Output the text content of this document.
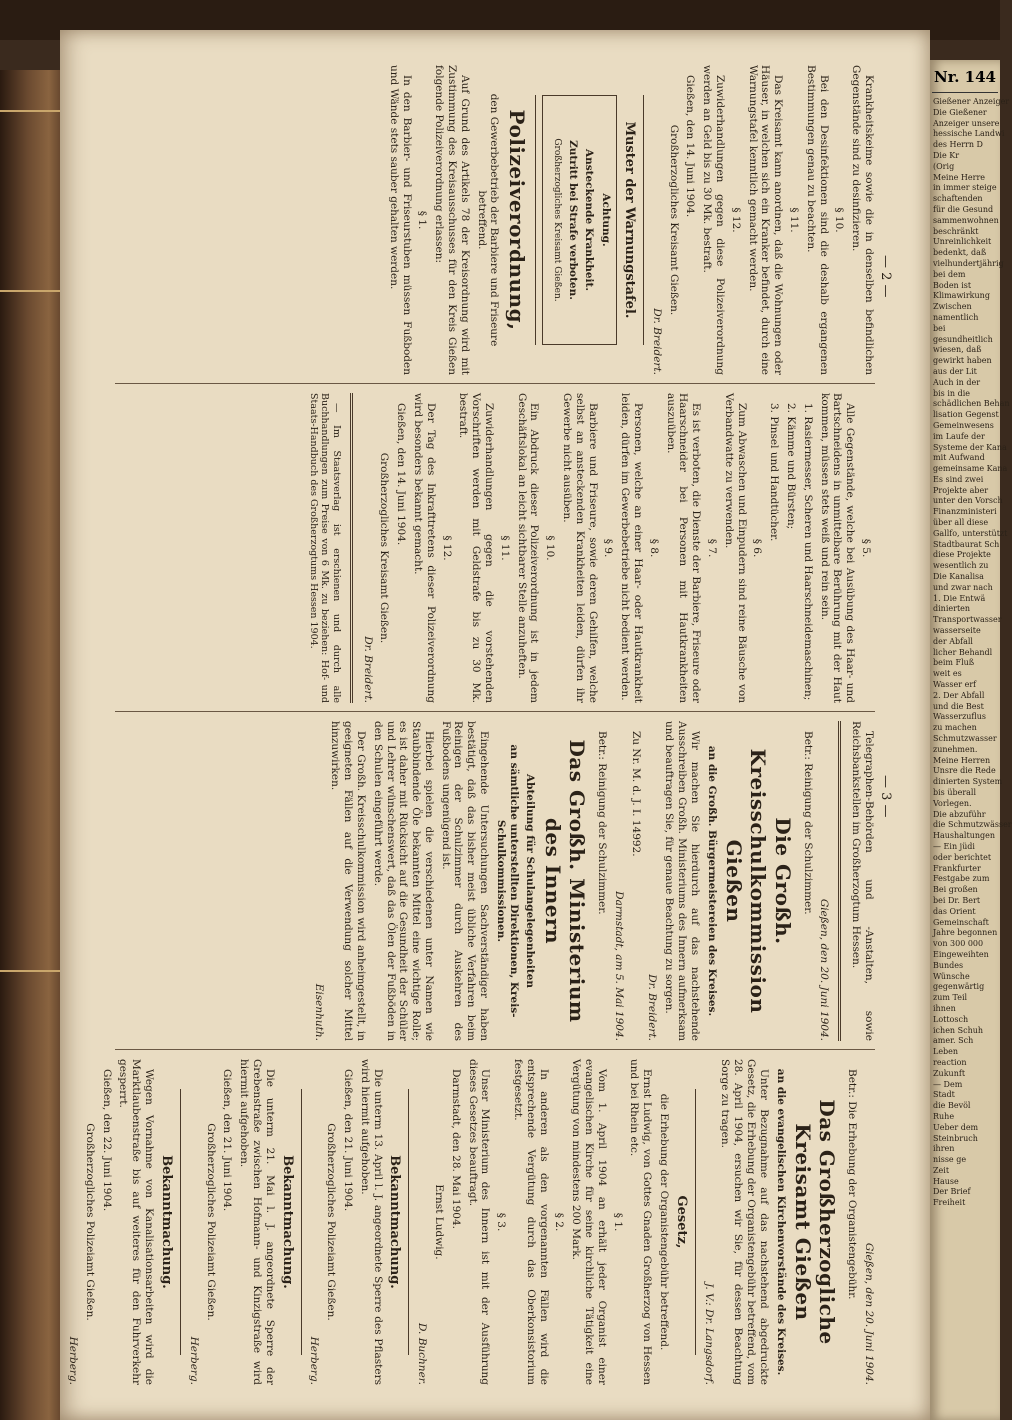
— 2 —
— 3 —

Krankheitskeime sowie die in denselben befindlichen Gegenstände sind zu desinfizieren.

§ 10.

Bei den Desinfektionen sind die deshalb ergangenen Bestimmungen genau zu beachten.

§ 11.

Das Kreisamt kann anordnen, daß die Wohnungen oder Häuser, in welchen sich ein Kranker befindet, durch eine Warnungstafel kenntlich gemacht werden.

§ 12.

Zuwiderhandlungen gegen diese Polizeiverordnung werden an Geld bis zu 30 Mk. bestraft.

Gießen, den 14. Juni 1904.

Großherzogliches Kreisamt Gießen.

Dr. Breidert.

Muster der Warnungstafel.

Achtung.

Ansteckende Krankheit.

Zutritt bei Strafe verboten.

Großherzogliches Kreisamt Gießen.

Polizeiverordnung,

den Gewerbebetrieb der Barbiere und Friseure betreffend.

Auf Grund des Artikels 78 der Kreisordnung wird mit Zustimmung des Kreisausschusses für den Kreis Gießen folgende Polizeiverordnung erlassen:

§ 1.

In den Barbier- und Friseurstuben müssen Fußboden und Wände stets sauber gehalten werden.

§ 5.

Alle Gegenstände, welche bei Ausübung des Haar- und Bartschneidens in unmittelbare Berührung mit der Haut kommen, müssen stets weiß und rein sein.

1. Rasiermesser, Scheren und Haarschneidemaschinen;

2. Kämme und Bürsten;

3. Pinsel und Handtücher.

§ 6.

Zum Abwaschen und Einpudern sind reine Bäusche von Verbandwatte zu verwenden.

§ 7.

Es ist verboten, die Dienste der Barbiere, Friseure oder Haarschneider bei Personen mit Hautkrankheiten auszuüben.

§ 8.

Personen, welche an einer Haar- oder Hautkrankheit leiden, dürfen im Gewerbebetriebe nicht bedient werden.

§ 9.

Barbiere und Friseure, sowie deren Gehilfen, welche selbst an ansteckenden Krankheiten leiden, dürfen ihr Gewerbe nicht ausüben.

§ 10.

Ein Abdruck dieser Polizeiverordnung ist in jedem Geschäftslokal an leicht sichtbarer Stelle anzuheften.

§ 11.

Zuwiderhandlungen gegen die vorstehenden Vorschriften werden mit Geldstrafe bis zu 30 Mk. bestraft.

§ 12.

Der Tag des Inkrafttretens dieser Polizeiverordnung wird besonders bekannt gemacht.

Gießen, den 14. Juni 1904.

Großherzogliches Kreisamt Gießen.

Dr. Breidert.

— Im Staatsverlag ist erschienen und durch alle Buchhandlungen zum Preise von 6 Mk. zu beziehen: Hof- und Staats-Handbuch des Großherzogtums Hessen 1904.

Telegraphen-Behörden und -Anstalten, sowie Reichsbankstellen im Großherzogtum Hessen.

Gießen, den 20. Juni 1904.

Betr.: Reinigung der Schulzimmer.

Die Großh. Kreisschulkommission Gießen

an die Großh. Bürgermeistereien des Kreises.

Wir machen Sie hierdurch auf das nachstehende Ausschreiben Großh. Ministeriums des Innern aufmerksam und beauftragen Sie, für genaue Beachtung zu sorgen.

Dr. Breidert.

Zu Nr. M. d. J. I. 14992.

Darmstadt, am 5. Mai 1904.

Betr.: Reinigung der Schulzimmer.

Das Großh. Ministerium des Innern

Abteilung für Schulangelegenheiten

an sämtliche unterstellten Direktionen, Kreis-Schulkommissionen.

Eingehende Untersuchungen Sachverständiger haben bestätigt, daß das bisher meist übliche Verfahren beim Reinigen der Schulzimmer durch Auskehren des Fußbodens ungenügend ist.

Hierbei spielen die verschiedenen unter Namen wie Staubbindende Öle bekannten Mittel eine wichtige Rolle; es ist daher mit Rücksicht auf die Gesundheit der Schüler und Lehrer wünschenswert, daß das Ölen der Fußböden in den Schulen eingeführt werde.

Der Großh. Kreisschulkommission wird anheimgestellt, in geeigneten Fällen auf die Verwendung solcher Mittel hinzuwirken.

Eisenhuth.

Gießen, den 20. Juni 1904.

Betr.: Die Erhebung der Organistengebühr.

Das Großherzogliche Kreisamt Gießen

an die evangelischen Kirchenvorstände des Kreises.

Unter Bezugnahme auf das nachstehend abgedruckte Gesetz, die Erhebung der Organistengebühr betreffend, vom 28. April 1904, ersuchen wir Sie, für dessen Beachtung Sorge zu tragen.

J. V.: Dr. Langsdorf.

Gesetz,

die Erhebung der Organistengebühr betreffend.

Ernst Ludwig, von Gottes Gnaden Großherzog von Hessen und bei Rhein etc.

§ 1.

Vom 1. April 1904 an erhält jeder Organist einer evangelischen Kirche für seine kirchliche Tätigkeit eine Vergütung von mindestens 200 Mark.

§ 2.

In anderen als den vorgenannten Fällen wird die entsprechende Vergütung durch das Oberkonsistorium festgesetzt.

§ 3.

Unser Ministerium des Innern ist mit der Ausführung dieses Gesetzes beauftragt.

Darmstadt, den 28. Mai 1904.

Ernst Ludwig.

D. Buchner.

Bekanntmachung.

Die unterm 13. April l. J. angeordnete Sperre des Pflasters wird hiermit aufgehoben.

Gießen, den 21. Juni 1904.

Großherzogliches Polizeiamt Gießen.

Herberg.

Bekanntmachung.

Die unterm 21. Mai l. J. angeordnete Sperre der Grebenstraße zwischen Hofmann- und Kinzigstraße wird hiermit aufgehoben.

Gießen, den 21. Juni 1904.

Großherzogliches Polizeiamt Gießen.

Herberg.

Bekanntmachung.

Wegen Vornahme von Kanalisationsarbeiten wird die Marktlaubenstraße bis auf weiteres für den Fuhrverkehr gesperrt.

Gießen, den 22. Juni 1904.

Großherzogliches Polizeiamt Gießen.

Herberg.

Nr. 144
Gießener Anzeiger
Die Gießener
Anzeiger unsere
hessische Landwi
des Herrn D
Die Kr
(Orig
Meine Herre
in immer steige
schaftenden
für die Gesund
sammenwohnen
beschränkt
Unreinlichkeit
bedenkt, daß
vielhundertjährig
bei dem
Boden ist
Klimawirkung
Zwischen
namentlich
bei
gesundheitlich
wiesen, daß
gewirkt haben
aus der Lit
Auch in der
bis in die
schädlichen Behan
lisation Gegenst
Gemeinwesens
im Laufe der
Systeme der Kana
mit Aufwand
gemeinsame Kana
Es sind zwei
Projekte aber
unter den Vorsch
Finanzministeri
über all diese
Gallfo, unterstützt
Stadtbaurat Sch
diese Projekte
wesentlich zu
Die Kanalisa
und zwar nach
1. Die Entwä
dinierten
Transportwasser
wasserseite
der Abfall
licher Behandl
beim Fluß
weit es
Wasser erf
2. Der Abfall
und die Best
Wasserzuflus
zu machen
Schmutzwasser
zunehmen.
Meine Herren
Unsre die Rede
dinierten System
bis überall
Vorlegen.
Die abzuführ
die Schmutzwässer
Haushaltungen
— Ein jüdi
oder berichtet
Frankfurter
Festgabe zum
Bei großen
bei Dr. Bert
das Orient
Gemeinschaft
Jahre begonnen
von 300 000
Eingeweihten
Bundes
Wünsche
gegenwärtig
zum Teil
ihnen
Lottosch
ichen Schuh
amer. Sch
Leben
reaction
Zukunft
— Dem
Stadt
die Bevöl
Ruhe
Ueber dem
Steinbruch
ihren
nisse ge
Zeit
Hause
Der Brief
Freiheit
